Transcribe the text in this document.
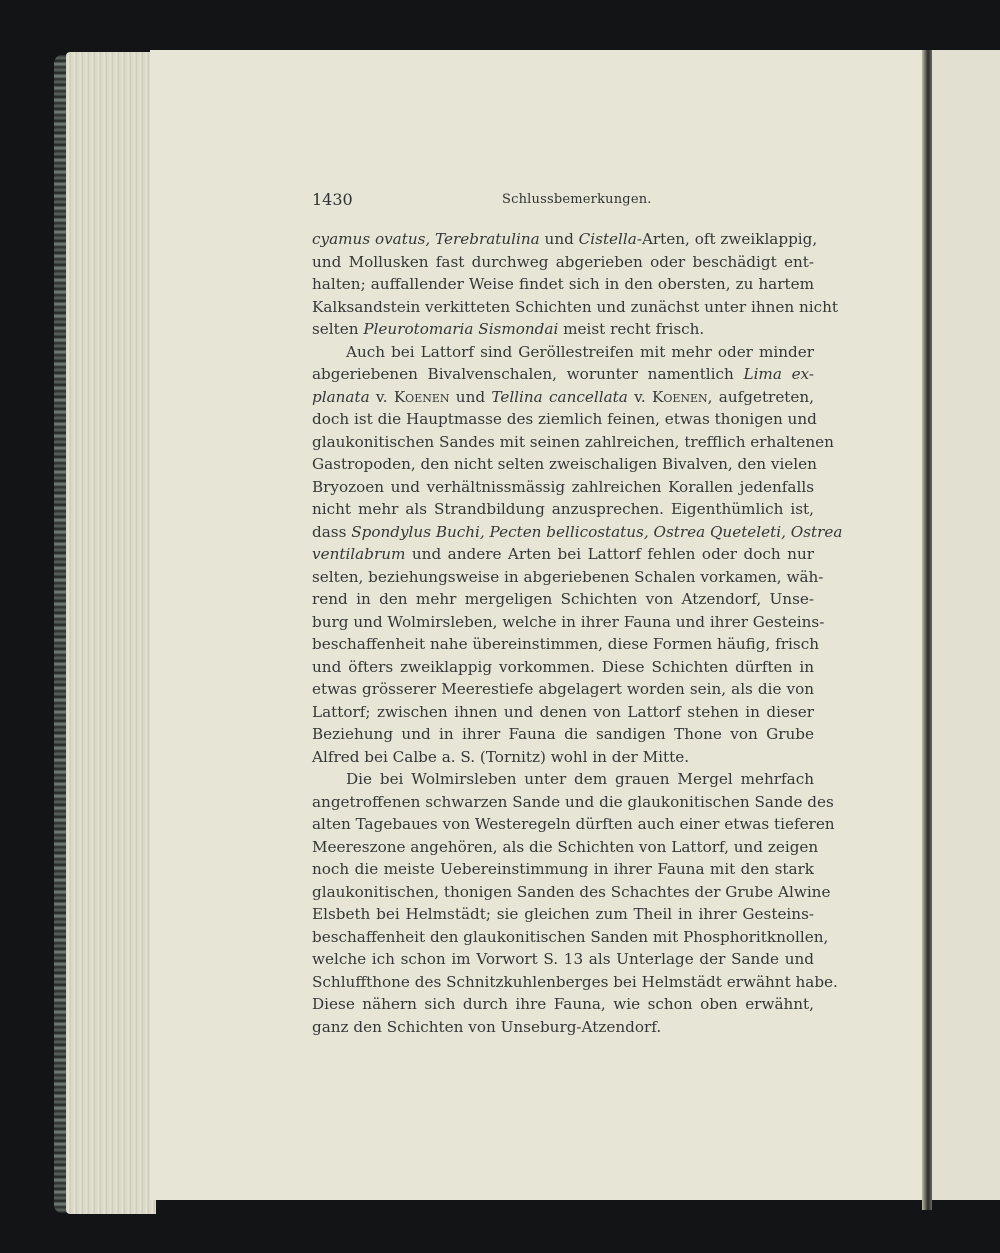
1430	Schlussbemerkungen.
cyamus ovatus, Terebratulina und Cistella-Arten, oft zweiklappig,
und Mollusken fast durchweg abgerieben oder beschädigt ent-
halten; auffallender Weise findet sich in den obersten, zu hartem
Kalksandstein verkitteten Schichten und zunächst unter ihnen nicht
selten Pleurotomaria Sismondai meist recht frisch.
Auch bei Lattorf sind Geröllestreifen mit mehr oder minder
abgeriebenen Bivalvenschalen, worunter namentlich Lima ex-
planata v. Koenen und Tellina cancellata v. Koenen, aufgetreten,
doch ist die Hauptmasse des ziemlich feinen, etwas thonigen und
glaukonitischen Sandes mit seinen zahlreichen, trefflich erhaltenen
Gastropoden, den nicht selten zweischaligen Bivalven, den vielen
Bryozoen und verhältnissmässig zahlreichen Korallen jedenfalls
nicht mehr als Strandbildung anzusprechen. Eigenthümlich ist,
dass Spondylus Buchi, Pecten bellicostatus, Ostrea Queteleti, Ostrea
ventilabrum und andere Arten bei Lattorf fehlen oder doch nur
selten, beziehungsweise in abgeriebenen Schalen vorkamen, wäh-
rend in den mehr mergeligen Schichten von Atzendorf, Unse-
burg und Wolmirsleben, welche in ihrer Fauna und ihrer Gesteins-
beschaffenheit nahe übereinstimmen, diese Formen häufig, frisch
und öfters zweiklappig vorkommen. Diese Schichten dürften in
etwas grösserer Meerestiefe abgelagert worden sein, als die von
Lattorf; zwischen ihnen und denen von Lattorf stehen in dieser
Beziehung und in ihrer Fauna die sandigen Thone von Grube
Alfred bei Calbe a. S. (Tornitz) wohl in der Mitte.
Die bei Wolmirsleben unter dem grauen Mergel mehrfach
angetroffenen schwarzen Sande und die glaukonitischen Sande des
alten Tagebaues von Westeregeln dürften auch einer etwas tieferen
Meereszone angehören, als die Schichten von Lattorf, und zeigen
noch die meiste Uebereinstimmung in ihrer Fauna mit den stark
glaukonitischen, thonigen Sanden des Schachtes der Grube Alwine
Elsbeth bei Helmstädt; sie gleichen zum Theil in ihrer Gesteins-
beschaffenheit den glaukonitischen Sanden mit Phosphoritknollen,
welche ich schon im Vorwort S. 13 als Unterlage der Sande und
Schluffthone des Schnitzkuhlenberges bei Helmstädt erwähnt habe.
Diese nähern sich durch ihre Fauna, wie schon oben erwähnt,
ganz den Schichten von Unseburg-Atzendorf.
